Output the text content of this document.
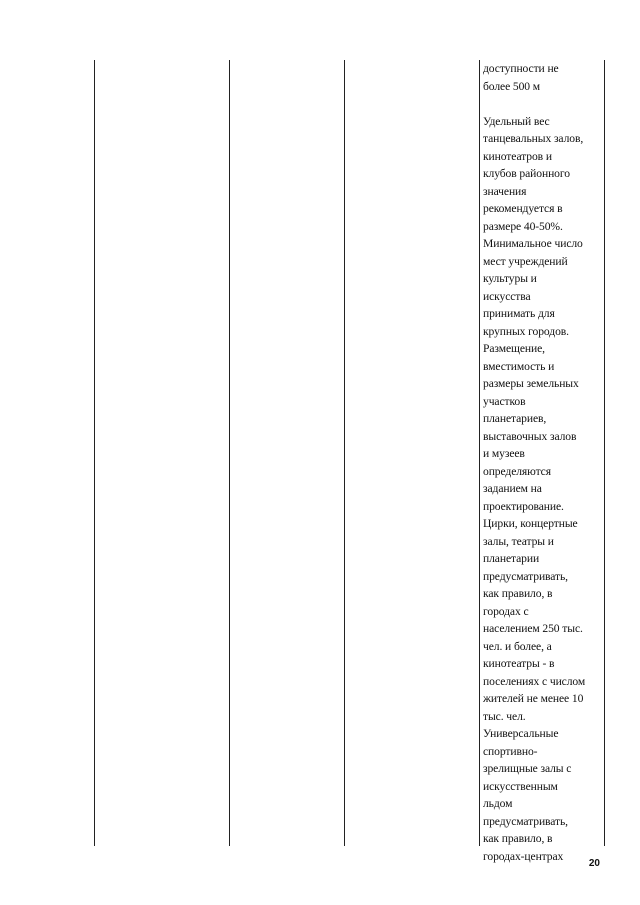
доступности не
более 500 м

Удельный вес
танцевальных залов,
кинотеатров и
клубов районного
значения
рекомендуется в
размере 40-50%.
Минимальное число
мест учреждений
культуры и
искусства
принимать для
крупных городов.
Размещение,
вместимость и
размеры земельных
участков
планетариев,
выставочных залов
и музеев
определяются
заданием на
проектирование.
Цирки, концертные
залы, театры и
планетарии
предусматривать,
как правило, в
городах с
населением 250 тыс.
чел. и более, а
кинотеатры - в
поселениях с числом
жителей не менее 10
тыс. чел.
Универсальные
спортивно-
зрелищные залы с
искусственным
льдом
предусматривать,
как правило, в
городах-центрах
20
